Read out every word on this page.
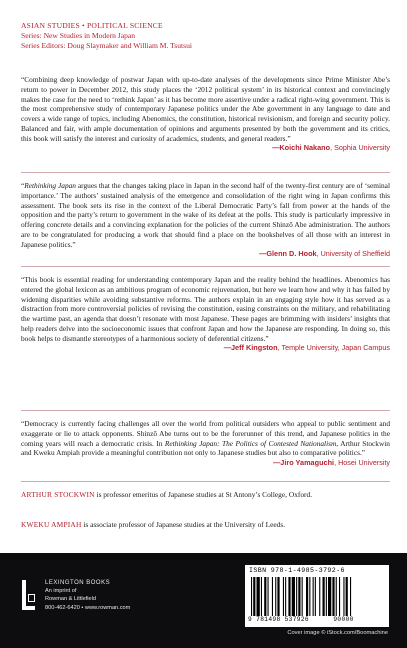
ASIAN STUDIES • POLITICAL SCIENCE
Series: New Studies in Modern Japan
Series Editors: Doug Slaymaker and William M. Tsutsui
“Combining deep knowledge of postwar Japan with up-to-date analyses of the developments since Prime Minister Abe’s return to power in December 2012, this study places the ‘2012 political system’ in its historical context and convincingly makes the case for the need to ‘rethink Japan’ as it has become more assertive under a radical right-wing government. This is the most comprehensive study of contemporary Japanese politics under the Abe government in any language to date and covers a wide range of topics, including Abenomics, the constitution, historical revisionism, and foreign and security policy. Balanced and fair, with ample documentation of opinions and arguments presented by both the government and its critics, this book will satisfy the interest and curiosity of academics, students, and general readers.”
—Koichi Nakano, Sophia University
“Rethinking Japan argues that the changes taking place in Japan in the second half of the twenty-first century are of ‘seminal importance.’ The authors’ sustained analysis of the emergence and consolidation of the right wing in Japan confirms this assessment. The book sets its rise in the context of the Liberal Democratic Party’s fall from power at the hands of the opposition and the party’s return to government in the wake of its defeat at the polls. This study is particularly impressive in offering concrete details and a convincing explanation for the policies of the current Shinzō Abe administration. The authors are to be congratulated for producing a work that should find a place on the bookshelves of all those with an interest in Japanese politics.”
—Glenn D. Hook, University of Sheffield
“This book is essential reading for understanding contemporary Japan and the reality behind the headlines. Abenomics has entered the global lexicon as an ambitious program of economic rejuvenation, but here we learn how and why it has failed by widening disparities while avoiding substantive reforms. The authors explain in an engaging style how it has served as a distraction from more controversial policies of revising the constitution, easing constraints on the military, and rehabilitating the wartime past, an agenda that doesn’t resonate with most Japanese. These pages are brimming with insiders’ insights that help readers delve into the socioeconomic issues that confront Japan and how the Japanese are responding. In doing so, this book helps to dismantle stereotypes of a harmonious society of deferential citizens.”
—Jeff Kingston, Temple University, Japan Campus
“Democracy is currently facing challenges all over the world from political outsiders who appeal to public sentiment and exaggerate or lie to attack opponents. Shinzō Abe turns out to be the forerunner of this trend, and Japanese politics in the coming years will reach a democratic crisis. In Rethinking Japan: The Politics of Contested Nationalism, Arthur Stockwin and Kweku Ampiah provide a meaningful contribution not only to Japanese studies but also to comparative politics.”
—Jiro Yamaguchi, Hosei University
ARTHUR STOCKWIN is professor emeritus of Japanese studies at St Antony’s College, Oxford.
KWEKU AMPIAH is associate professor of Japanese studies at the University of Leeds.
LEXINGTON BOOKS
An imprint of
Rowman & Littlefield
800-462-6420 • www.rowman.com
ISBN 978-1-4985-3792-6
9 781498 537926	90000
Cover image © iStock.com/Boomachine
